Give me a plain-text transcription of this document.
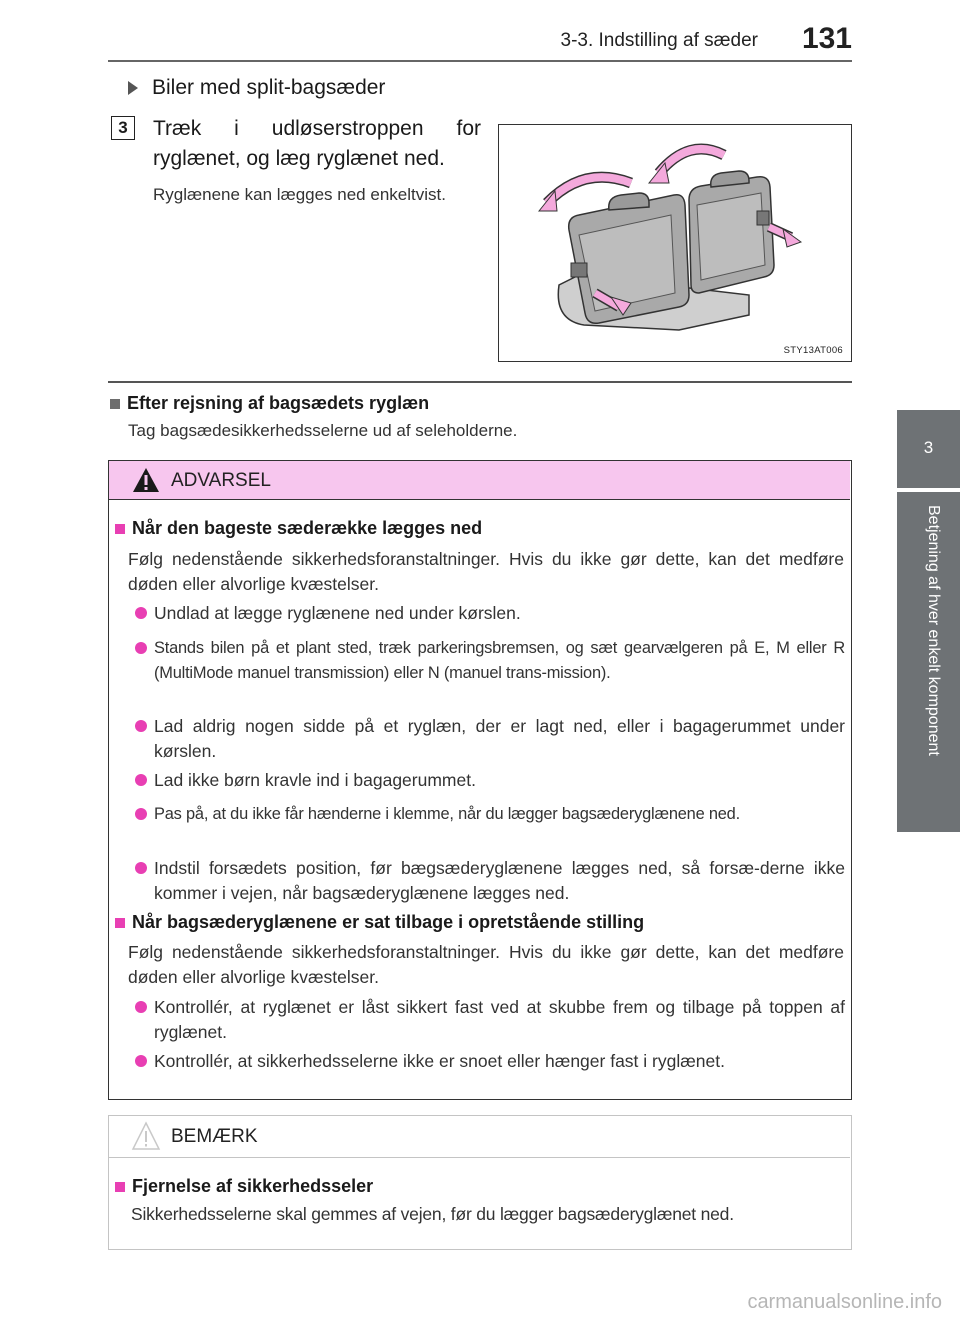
3-3. Indstilling af sæder 131
3
Betjening af hver enkelt komponent
Biler med split-bagsæder
3	Træk i udløserstroppen for ryglænet, og læg ryglænet ned.
Ryglænene kan lægges ned enkeltvist.
STY13AT006
Efter rejsning af bagsædets ryglæn
Tag bagsædesikkerhedsselerne ud af seleholderne.
ADVARSEL
Når den bageste sæderække lægges ned
Følg nedenstående sikkerhedsforanstaltninger. Hvis du ikke gør dette, kan det medføre døden eller alvorlige kvæstelser.
Undlad at lægge ryglænene ned under kørslen.
Stands bilen på et plant sted, træk parkeringsbremsen, og sæt gearvælgeren på E, M eller R (MultiMode manuel transmission) eller N (manuel trans-mission).
Lad aldrig nogen sidde på et ryglæn, der er lagt ned, eller i bagagerummet under kørslen.
Lad ikke børn kravle ind i bagagerummet.
Pas på, at du ikke får hænderne i klemme, når du lægger bagsæderyglænene ned.
Indstil forsædets position, før bægsæderyglænene lægges ned, så forsæ-derne ikke kommer i vejen, når bagsæderyglænene lægges ned.
Når bagsæderyglænene er sat tilbage i opretstående stilling
Følg nedenstående sikkerhedsforanstaltninger. Hvis du ikke gør dette, kan det medføre døden eller alvorlige kvæstelser.
Kontrollér, at ryglænet er låst sikkert fast ved at skubbe frem og tilbage på toppen af ryglænet.
Kontrollér, at sikkerhedsselerne ikke er snoet eller hænger fast i ryglænet.
BEMÆRK
Fjernelse af sikkerhedsseler
Sikkerhedsselerne skal gemmes af vejen, før du lægger bagsæderyglænet ned.
carmanualsonline.info
